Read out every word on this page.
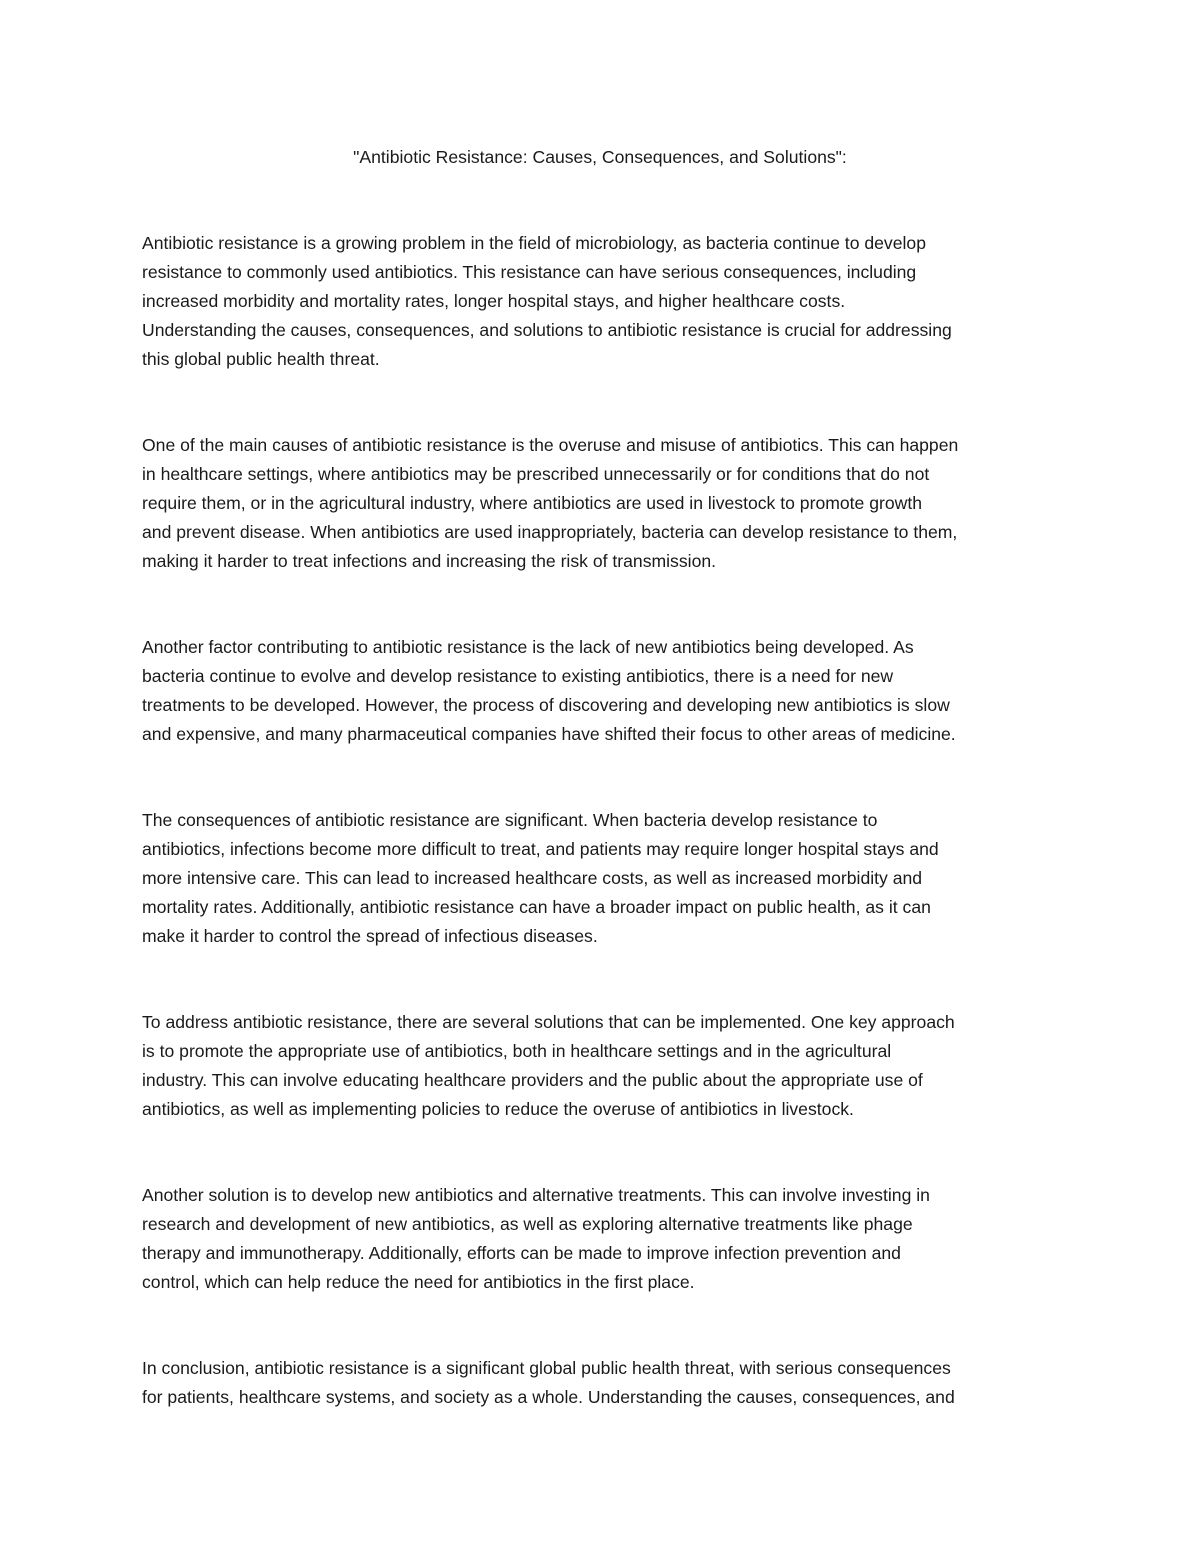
"Antibiotic Resistance: Causes, Consequences, and Solutions":
Antibiotic resistance is a growing problem in the field of microbiology, as bacteria continue to develop
resistance to commonly used antibiotics. This resistance can have serious consequences, including
increased morbidity and mortality rates, longer hospital stays, and higher healthcare costs.
Understanding the causes, consequences, and solutions to antibiotic resistance is crucial for addressing
this global public health threat.
One of the main causes of antibiotic resistance is the overuse and misuse of antibiotics. This can happen
in healthcare settings, where antibiotics may be prescribed unnecessarily or for conditions that do not
require them, or in the agricultural industry, where antibiotics are used in livestock to promote growth
and prevent disease. When antibiotics are used inappropriately, bacteria can develop resistance to them,
making it harder to treat infections and increasing the risk of transmission.
Another factor contributing to antibiotic resistance is the lack of new antibiotics being developed. As
bacteria continue to evolve and develop resistance to existing antibiotics, there is a need for new
treatments to be developed. However, the process of discovering and developing new antibiotics is slow
and expensive, and many pharmaceutical companies have shifted their focus to other areas of medicine.
The consequences of antibiotic resistance are significant. When bacteria develop resistance to
antibiotics, infections become more difficult to treat, and patients may require longer hospital stays and
more intensive care. This can lead to increased healthcare costs, as well as increased morbidity and
mortality rates. Additionally, antibiotic resistance can have a broader impact on public health, as it can
make it harder to control the spread of infectious diseases.
To address antibiotic resistance, there are several solutions that can be implemented. One key approach
is to promote the appropriate use of antibiotics, both in healthcare settings and in the agricultural
industry. This can involve educating healthcare providers and the public about the appropriate use of
antibiotics, as well as implementing policies to reduce the overuse of antibiotics in livestock.
Another solution is to develop new antibiotics and alternative treatments. This can involve investing in
research and development of new antibiotics, as well as exploring alternative treatments like phage
therapy and immunotherapy. Additionally, efforts can be made to improve infection prevention and
control, which can help reduce the need for antibiotics in the first place.
In conclusion, antibiotic resistance is a significant global public health threat, with serious consequences
for patients, healthcare systems, and society as a whole. Understanding the causes, consequences, and
